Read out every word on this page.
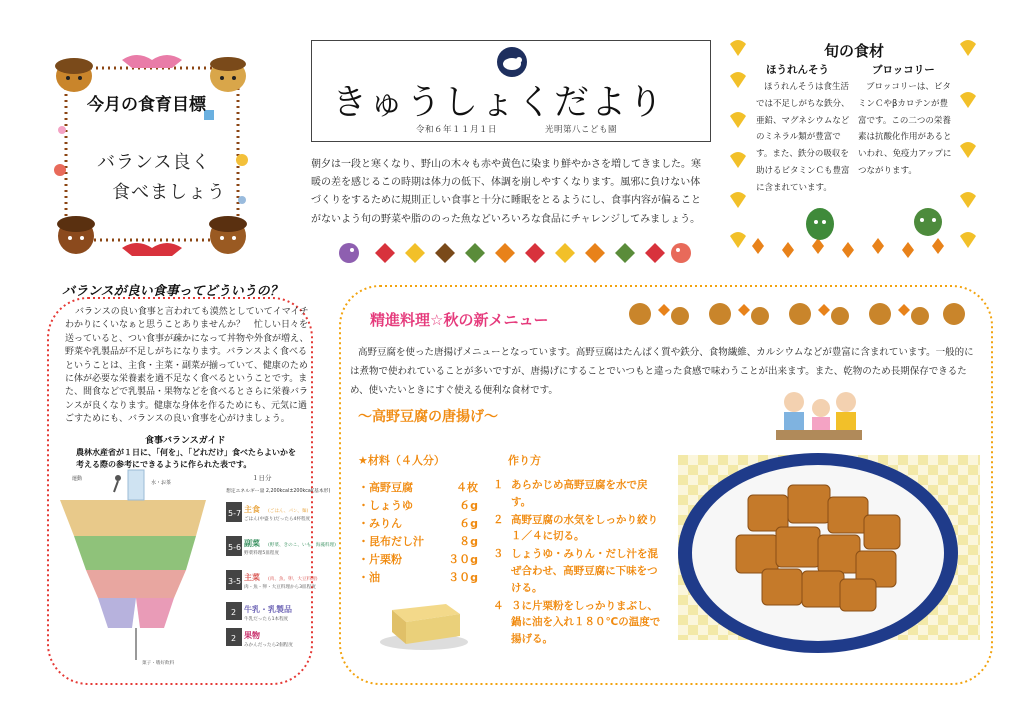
今月の食育目標
バランス良く
食べましょう
きゅうしょくだより
令和６年１１月１日	光明第八こども園
朝夕は一段と寒くなり、野山の木々も赤や黄色に染まり鮮やかさを増してきました。寒暖の差を感じるこの時期は体力の低下、体調を崩しやすくなります。風邪に負けない体づくりをするために規則正しい食事と十分に睡眠をとるようにし、食事内容が偏ることがないよう旬の野菜や脂ののった魚などいろいろな食品にチャレンジしてみましょう。
旬の食材
ほうれんそう	ブロッコリー
ほうれんそうは食生活では不足しがちな鉄分、亜鉛、マグネシウムなどのミネラル類が豊富です。また、鉄分の吸収を助けるビタミンＣも豊富に含まれています。
ブロッコリーは、ビタミンＣやβカロテンが豊富です。この二つの栄養素は抗酸化作用があるといわれ、免疫力アップにつながります。
バランスが良い食事ってどういうの？
バランスの良い食事と言われても漠然としていてイマイチわかりにくいなぁと思うことありませんか？　忙しい日々を送っていると、つい食事が疎かになって丼物や外食が増え、野菜や乳製品が不足しがちになります。バランスよく食べるということは、主食・主菜・副菜が揃っていて、健康のために体が必要な栄養素を過不足なく食べるということです。また、間食などで乳製品・果物などを食べるとさらに栄養バランスが良くなります。健康な身体を作るためにも、元気に過ごすためにも、バランスの良い食事を心がけましょう。
食事バランスガイド
農林水産省が１日に、「何を」、「どれだけ」食べたらよいかを考える際の参考にできるように作られた表です。
水・お茶
運動	１日分
想定エネルギー量 2,200kcal±200kcal(基本形)
5-7 主食 (ごはん、パン、麺)
ごはん(中盛り)だったら4杯程度
5-6 副菜 (野菜、きのこ、いも、海藻料理)
野菜料理5皿程度
3-5 主菜 (肉、魚、卵、大豆料理)
肉・魚・卵・大豆料理から3皿程度
2 牛乳・乳製品
牛乳だったら1本程度
2 果物
みかんだったら2個程度
菓子・嗜好飲料
精進料理☆秋の新メニュー
高野豆腐を使った唐揚げメニューとなっています。高野豆腐はたんぱく質や鉄分、食物繊維、カルシウムなどが豊富に含まれています。一般的には煮物で使われていることが多いですが、唐揚げにすることでいつもと違った食感で味わうことが出来ます。また、乾物のため長期保存できるため、使いたいときにすぐ使える便利な食材です。
～高野豆腐の唐揚げ～
★材料（４人分）
・高野豆腐	４枚
・しょうゆ	６g
・みりん	６g
・昆布だし汁	８g
・片栗粉	３０g
・油	３０g
作り方
１ あらかじめ高野豆腐を水で戻す。
２ 高野豆腐の水気をしっかり絞り１／４に切る。
３ しょうゆ・みりん・だし汁を混ぜ合わせ、高野豆腐に下味をつける。
４ ３に片栗粉をしっかりまぶし、鍋に油を入れ１８０℃の温度で揚げる。
